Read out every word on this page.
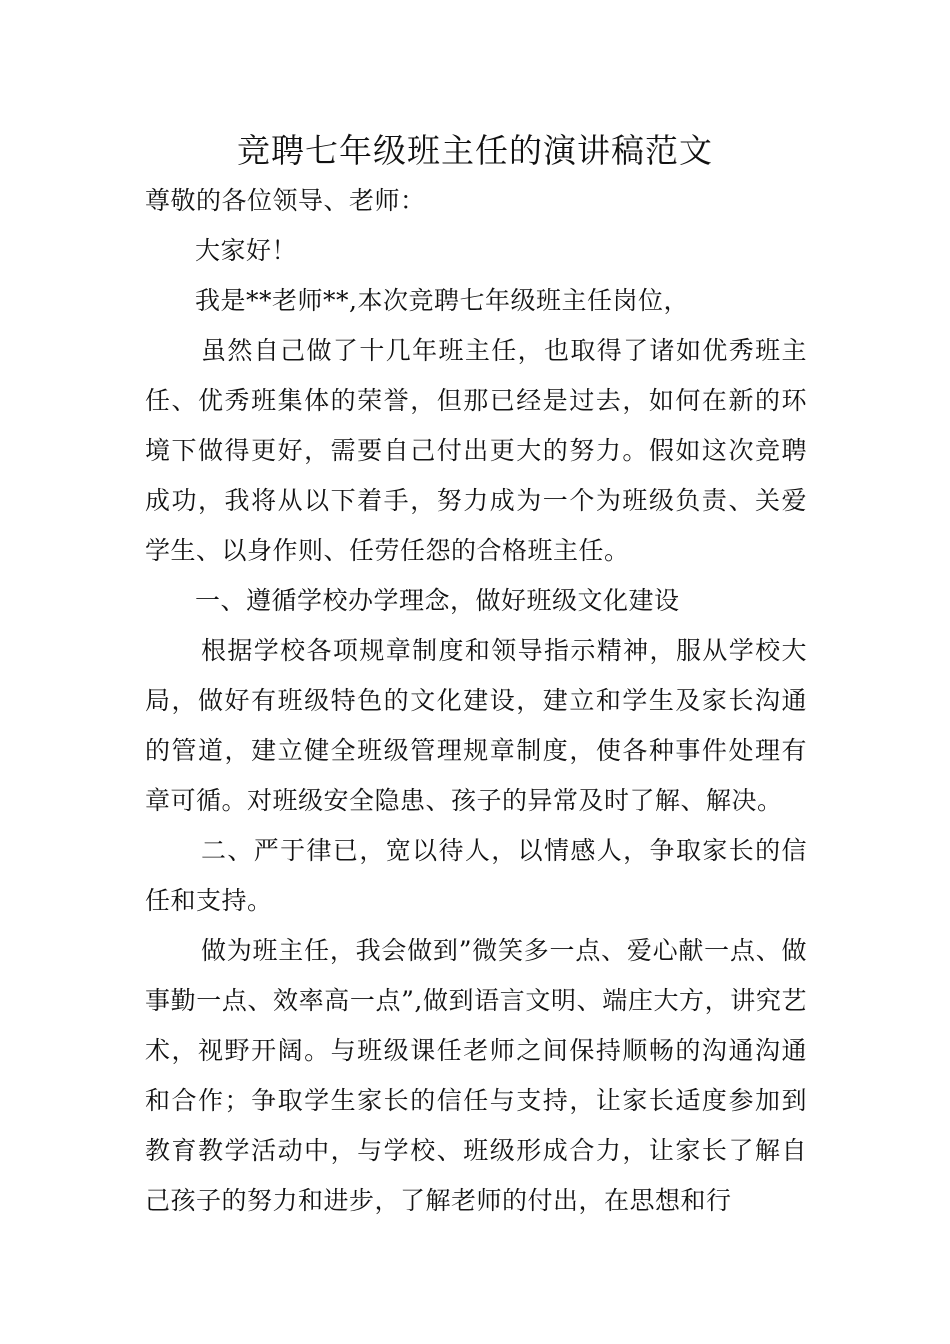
竞聘七年级班主任的演讲稿范文

尊敬的各位领导、老师：

大家好！

我是**老师**,本次竞聘七年级班主任岗位，

虽然自己做了十几年班主任，也取得了诸如优秀班主任、优秀班集体的荣誉，但那已经是过去，如何在新的环境下做得更好，需要自己付出更大的努力。假如这次竞聘成功，我将从以下着手，努力成为一个为班级负责、关爱学生、以身作则、任劳任怨的合格班主任。

一、遵循学校办学理念，做好班级文化建设

根据学校各项规章制度和领导指示精神，服从学校大局，做好有班级特色的文化建设，建立和学生及家长沟通的管道，建立健全班级管理规章制度，使各种事件处理有章可循。对班级安全隐患、孩子的异常及时了解、解决。

二、严于律已，宽以待人，以情感人，争取家长的信任和支持。

做为班主任，我会做到”微笑多一点、爱心献一点、做事勤一点、效率高一点”,做到语言文明、端庄大方，讲究艺术，视野开阔。与班级课任老师之间保持顺畅的沟通沟通和合作；争取学生家长的信任与支持，让家长适度参加到教育教学活动中，与学校、班级形成合力，让家长了解自己孩子的努力和进步，了解老师的付出，在思想和行
